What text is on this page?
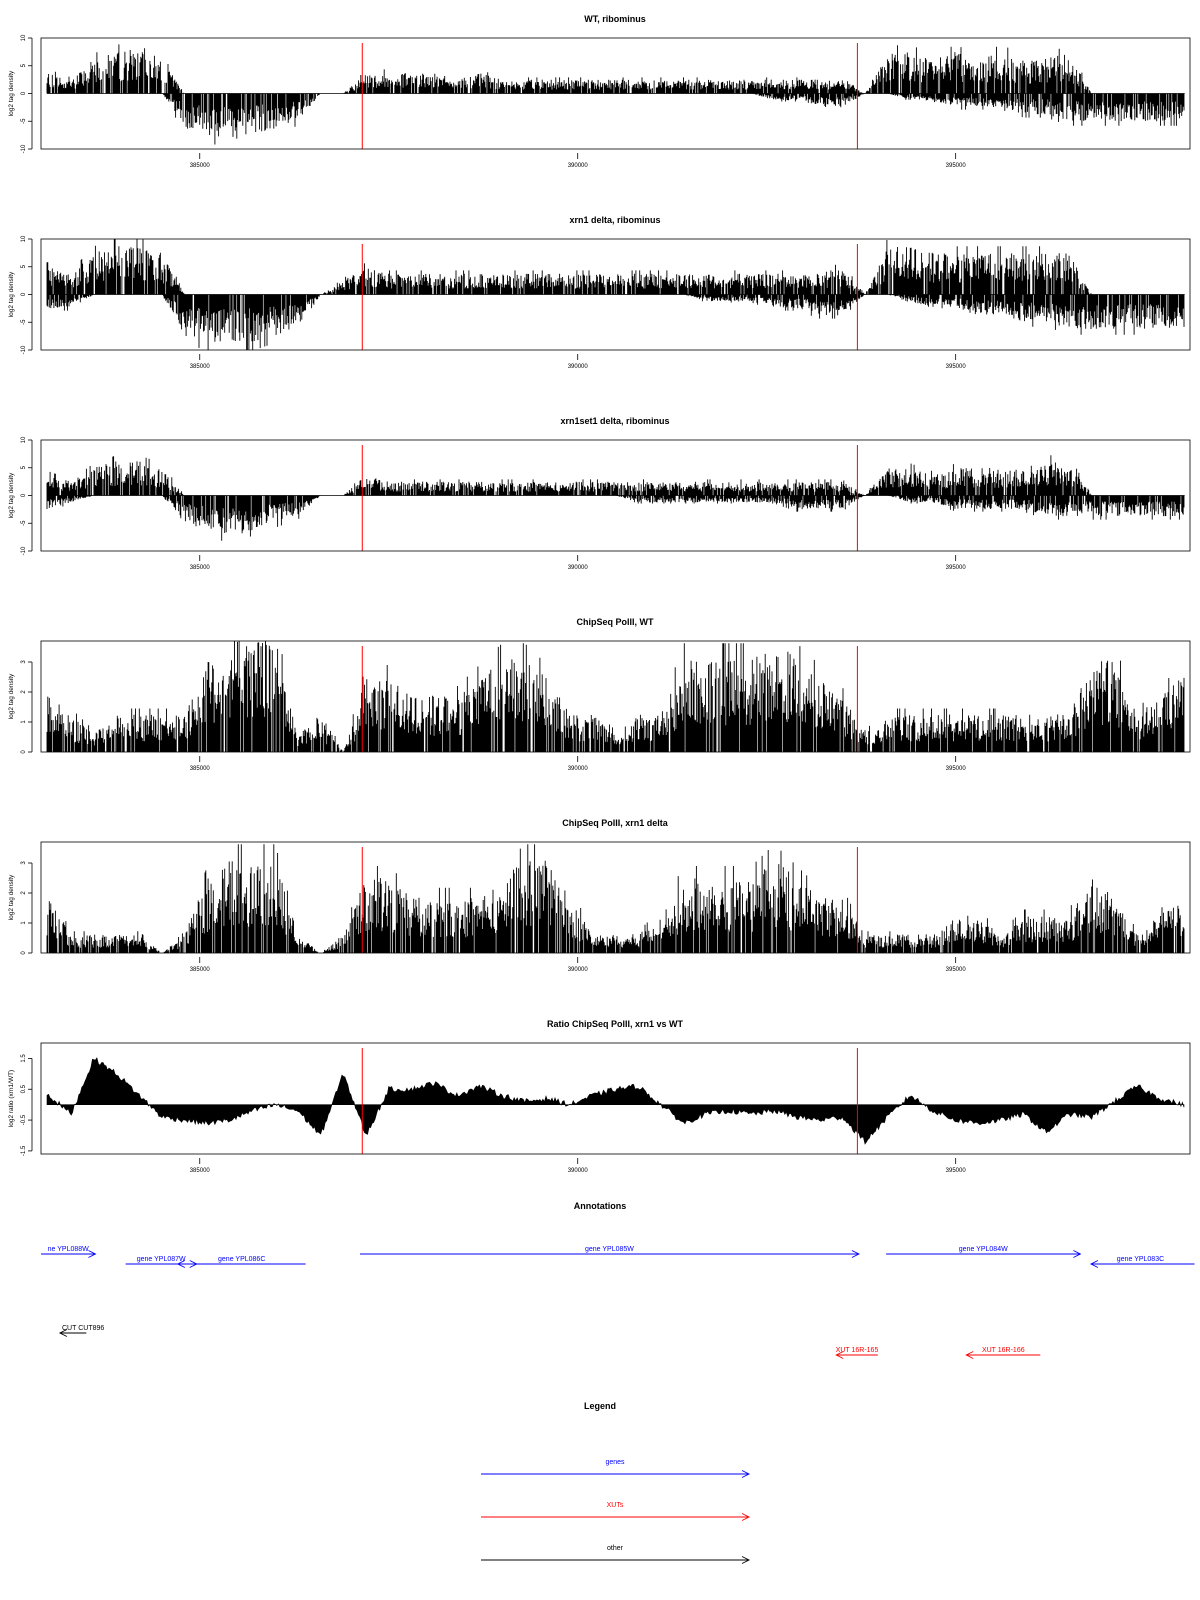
WT, ribominus
-10
-5
0
5
10
log2 tag density
385000	390000	395000
xrn1 delta, ribominus
-10
-5
0
5
10
log2 tag density
385000	390000	395000
xrn1set1 delta, ribominus
-10
-5
0
5
10
log2 tag density
385000	390000	395000
ChipSeq PolII, WT
0
1
2
3
log2 tag density
385000	390000	395000
ChipSeq PolII, xrn1 delta
0
1
2
3
log2 tag density
385000	390000	395000
Ratio ChipSeq PolII, xrn1 vs WT
-1.5
-0.5
0.5
1.5
log2 ratio (xrn1/WT)
385000	390000	395000
Annotations
ne YPL088W
gene YPL087W	gene YPL086C
gene YPL085W	gene YPL084W
gene YPL083C
XUT 16R-165	XUT 16R-166
CUT CUT896
Legend
genes
XUTs
other
